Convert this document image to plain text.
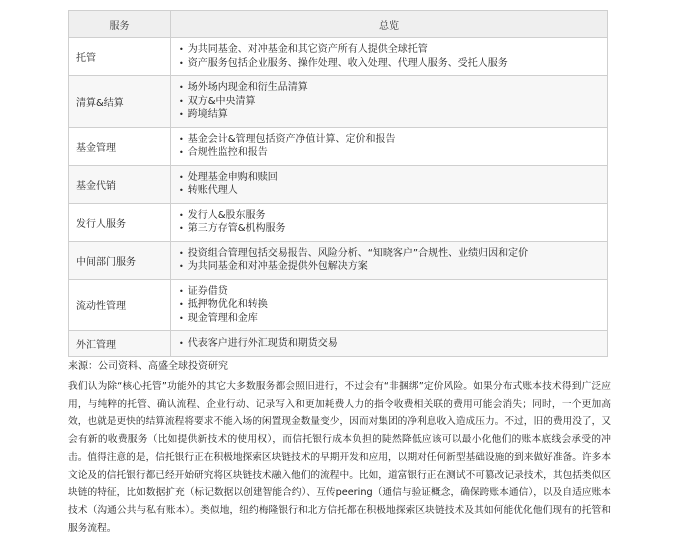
服务	总览
托管	• 为共同基金、对冲基金和其它资产所有人提供全球托管
• 资产服务包括企业服务、操作处理、收入处理、代理人服务、受托人服务

清算&结算	• 场外场内现金和衍生品清算
• 双方&中央清算
• 跨境结算

基金管理	• 基金会计&管理包括资产净值计算、定价和报告
• 合规性监控和报告

基金代销	• 处理基金申购和赎回
• 转账代理人

发行人服务	• 发行人&股东服务
• 第三方存管&机构服务

中间部门服务	• 投资组合管理包括交易报告、风险分析、“知晓客户”合规性、业绩归因和定价
• 为共同基金和对冲基金提供外包解决方案

流动性管理	• 证券借贷
• 抵押物优化和转换
• 现金管理和金库

外汇管理	• 代表客户进行外汇现货和期货交易
来源：公司资料、高盛全球投资研究

我们认为除“核心托管”功能外的其它大多数服务都会照旧进行，不过会有“非捆绑”定价风险。如果分布式账本技术得到广泛应用，与纯粹的托管、确认流程、企业行动、记录写入和更加耗费人力的指令收费相关联的费用可能会消失；同时，一个更加高效，也就是更快的结算流程将要求不能入场的闲置现金数量变少，因而对集团的净利息收入造成压力。不过，旧的费用没了，又会有新的收费服务（比如提供新技术的使用权），而信托银行成本负担的陡然降低应该可以最小化他们的账本底线会承受的冲击。值得注意的是，信托银行正在积极地探索区块链技术的早期开发和应用，以期对任何新型基础设施的到来做好准备。许多本文论及的信托银行都已经开始研究将区块链技术融入他们的流程中。比如，道富银行正在测试不可篡改记录技术，其包括类似区块链的特征，比如数据扩充（标记数据以创建智能合约）、互传peering（通信与验证概念，确保跨账本通信），以及自适应账本技术（沟通公共与私有账本）。类似地，纽约梅隆银行和北方信托都在积极地探索区块链技术及其如何能优化他们现有的托管和服务流程。
